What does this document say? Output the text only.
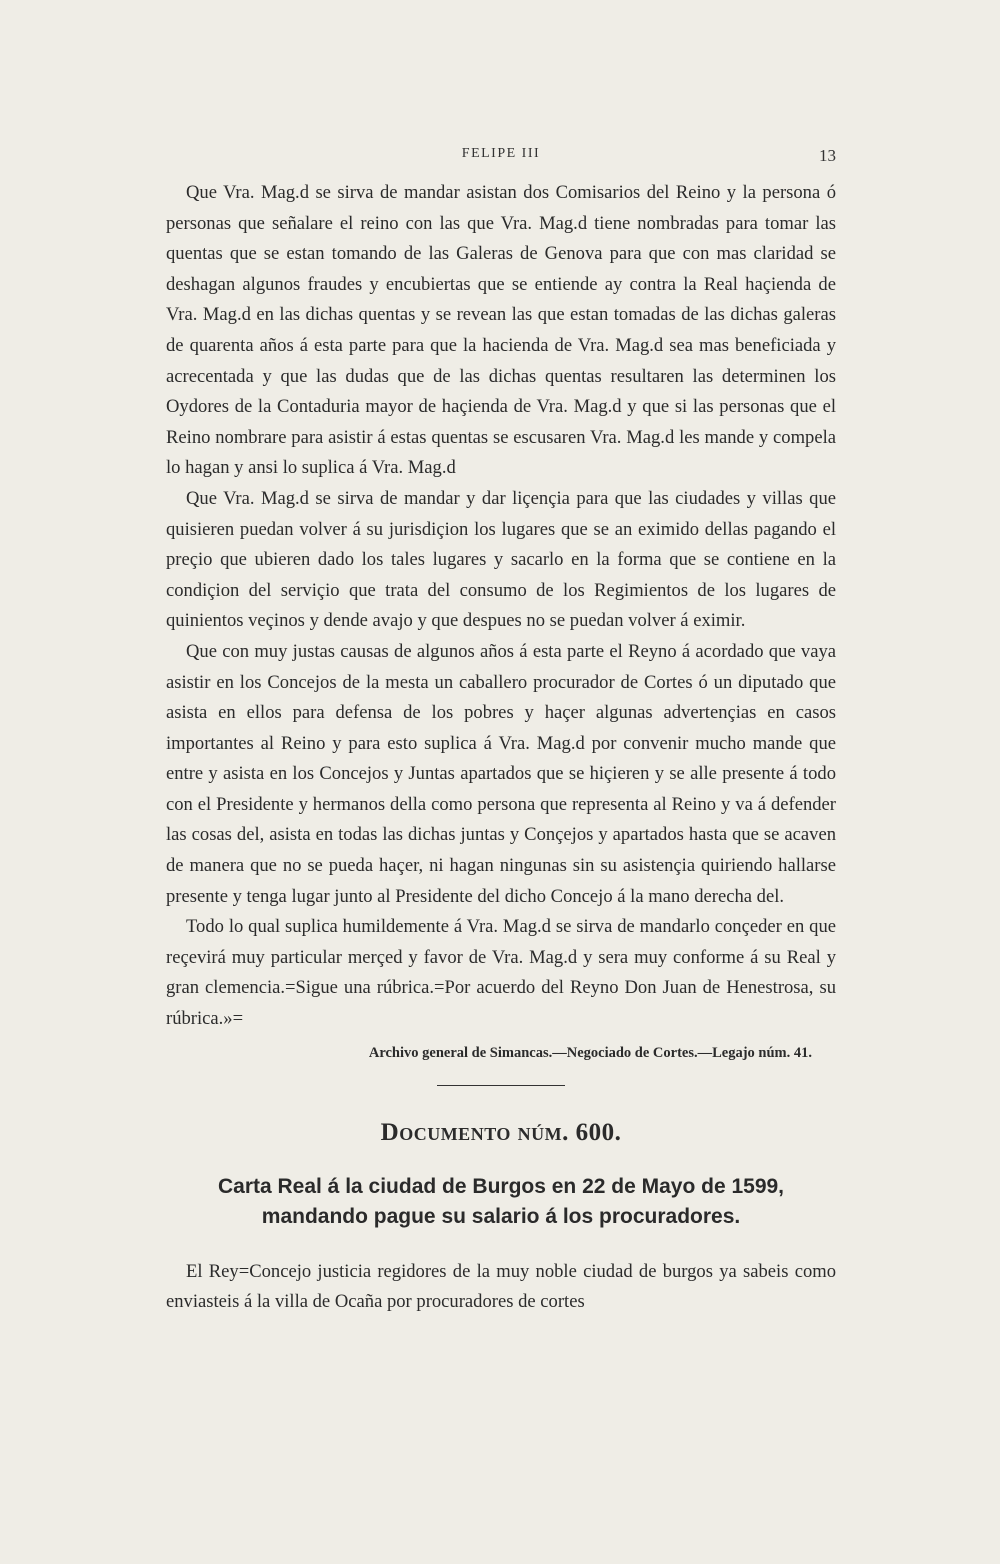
FELIPE III	13

Que Vra. Mag.d se sirva de mandar asistan dos Comisarios del Reino y la persona ó personas que señalare el reino con las que Vra. Mag.d tiene nombradas para tomar las quentas que se estan tomando de las Galeras de Genova para que con mas claridad se deshagan algunos fraudes y encubiertas que se entiende ay contra la Real haçienda de Vra. Mag.d en las dichas quentas y se revean las que estan tomadas de las dichas galeras de quarenta años á esta parte para que la hacienda de Vra. Mag.d sea mas beneficiada y acrecentada y que las dudas que de las dichas quentas resultaren las determinen los Oydores de la Contaduria mayor de haçienda de Vra. Mag.d y que si las personas que el Reino nombrare para asistir á estas quentas se escusaren Vra. Mag.d les mande y compela lo hagan y ansi lo suplica á Vra. Mag.d

Que Vra. Mag.d se sirva de mandar y dar liçençia para que las ciudades y villas que quisieren puedan volver á su jurisdiçion los lugares que se an eximido dellas pagando el preçio que ubieren dado los tales lugares y sacarlo en la forma que se contiene en la condiçion del serviçio que trata del consumo de los Regimientos de los lugares de quinientos veçinos y dende avajo y que despues no se puedan volver á eximir.

Que con muy justas causas de algunos años á esta parte el Reyno á acordado que vaya asistir en los Concejos de la mesta un caballero procurador de Cortes ó un diputado que asista en ellos para defensa de los pobres y haçer algunas advertençias en casos importantes al Reino y para esto suplica á Vra. Mag.d por convenir mucho mande que entre y asista en los Concejos y Juntas apartados que se hiçieren y se alle presente á todo con el Presidente y hermanos della como persona que representa al Reino y va á defender las cosas del, asista en todas las dichas juntas y Conçejos y apartados hasta que se acaven de manera que no se pueda haçer, ni hagan ningunas sin su asistençia quiriendo hallarse presente y tenga lugar junto al Presidente del dicho Concejo á la mano derecha del.

Todo lo qual suplica humildemente á Vra. Mag.d se sirva de mandarlo conçeder en que reçevirá muy particular merçed y favor de Vra. Mag.d y sera muy conforme á su Real y gran clemencia.=Sigue una rúbrica.=Por acuerdo del Reyno Don Juan de Henestrosa, su rúbrica.»=

Archivo general de Simancas.—Negociado de Cortes.—Legajo núm. 41.

Documento núm. 600.
Carta Real á la ciudad de Burgos en 22 de Mayo de 1599, mandando pague su salario á los procuradores.

El Rey=Concejo justicia regidores de la muy noble ciudad de burgos ya sabeis como enviasteis á la villa de Ocaña por procuradores de cortes
